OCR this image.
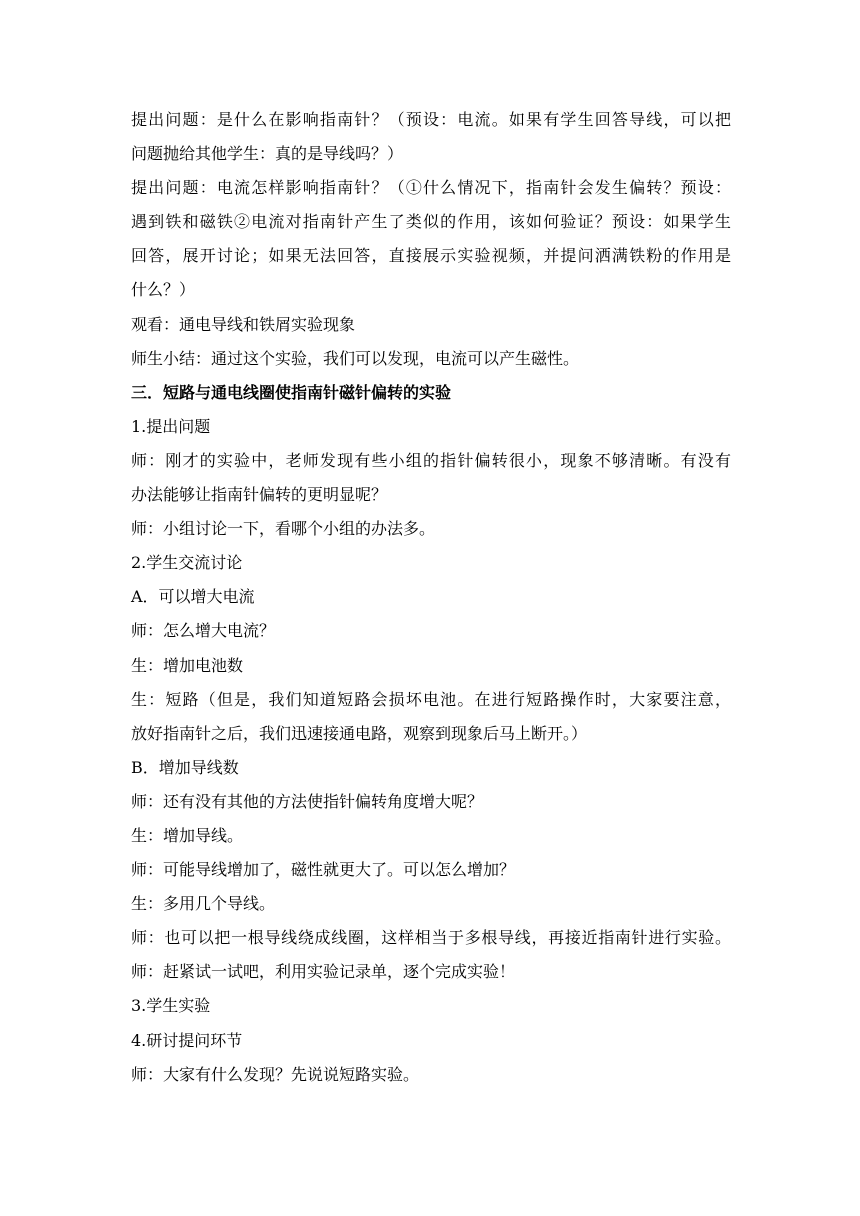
提出问题：是什么在影响指南针？（预设：电流。如果有学生回答导线，可以把
问题抛给其他学生：真的是导线吗？）
提出问题：电流怎样影响指南针？（①什么情况下，指南针会发生偏转？预设：
遇到铁和磁铁②电流对指南针产生了类似的作用，该如何验证？预设：如果学生
回答，展开讨论；如果无法回答，直接展示实验视频，并提问洒满铁粉的作用是
什么？）
观看：通电导线和铁屑实验现象
师生小结：通过这个实验，我们可以发现，电流可以产生磁性。
三．短路与通电线圈使指南针磁针偏转的实验
1.提出问题
师：刚才的实验中，老师发现有些小组的指针偏转很小，现象不够清晰。有没有
办法能够让指南针偏转的更明显呢？
师：小组讨论一下，看哪个小组的办法多。
2.学生交流讨论
A．可以增大电流
师：怎么增大电流？
生：增加电池数
生：短路（但是，我们知道短路会损坏电池。在进行短路操作时，大家要注意，
放好指南针之后，我们迅速接通电路，观察到现象后马上断开。）
B．增加导线数
师：还有没有其他的方法使指针偏转角度增大呢？
生：增加导线。
师：可能导线增加了，磁性就更大了。可以怎么增加？
生：多用几个导线。
师：也可以把一根导线绕成线圈，这样相当于多根导线，再接近指南针进行实验。
师：赶紧试一试吧，利用实验记录单，逐个完成实验！
3.学生实验
4.研讨提问环节
师：大家有什么发现？先说说短路实验。
